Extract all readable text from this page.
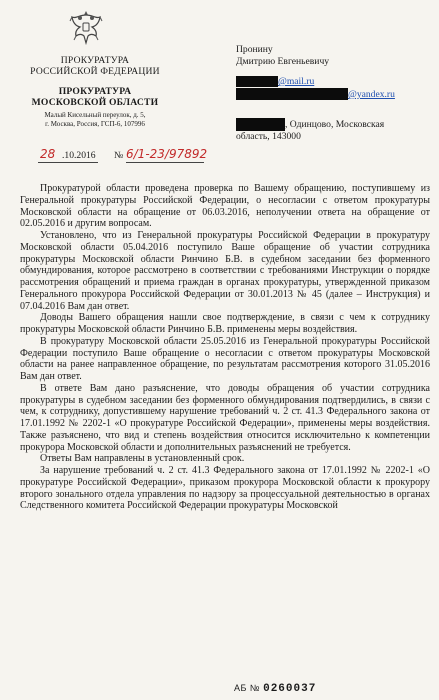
ПРОКУРАТУРА
РОССИЙСКОЙ ФЕДЕРАЦИИ
ПРОКУРАТУРА
МОСКОВСКОЙ ОБЛАСТИ
Малый Кисельный переулок, д. 5,
г. Москва, Россия, ГСП-6, 107996
Пронину
Дмитрию Евгеньевичу
@mail.ru
@yandex.ru
, Одинцово, Московская
область, 143000
28 .10.2016 № 6/1-23/97892

Прокуратурой области проведена проверка по Вашему обращению, поступившему из Генеральной прокуратуры Российской Федерации, о несогласии с ответом прокуратуры Московской области на обращение от 06.03.2016, неполучении ответа на обращение от 02.05.2016 и другим вопросам.

Установлено, что из Генеральной прокуратуры Российской Федерации в прокуратуру Московской области 05.04.2016 поступило Ваше обращение об участии сотрудника прокуратуры Московской области Ринчино Б.В. в судебном заседании без форменного обмундирования, которое рассмотрено в соответствии с требованиями Инструкции о порядке рассмотрения обращений и приема граждан в органах прокуратуры, утвержденной приказом Генерального прокурора Российской Федерации от 30.01.2013 № 45 (далее – Инструкция) и 07.04.2016 Вам дан ответ.

Доводы Вашего обращения нашли свое подтверждение, в связи с чем к сотруднику прокуратуры Московской области Ринчино Б.В. применены меры воздействия.

В прокуратуру Московской области 25.05.2016 из Генеральной прокуратуры Российской Федерации поступило Ваше обращение о несогласии с ответом прокуратуры Московской области на ранее направленное обращение, по результатам рассмотрения которого 31.05.2016 Вам дан ответ.

В ответе Вам дано разъяснение, что доводы обращения об участии сотрудника прокуратуры в судебном заседании без форменного обмундирования подтвердились, в связи с чем, к сотруднику, допустившему нарушение требований ч. 2 ст. 41.3 Федерального закона от 17.01.1992 № 2202-1 «О прокуратуре Российской Федерации», применены меры воздействия. Также разъяснено, что вид и степень воздействия относится исключительно к компетенции прокурора Московской области и дополнительных разъяснений не требуется.

Ответы Вам направлены в установленный срок.

За нарушение требований ч. 2 ст. 41.3 Федерального закона от 17.01.1992 № 2202-1 «О прокуратуре Российской Федерации», приказом прокурора Московской области к прокурору второго зонального отдела управления по надзору за процессуальной деятельностью в органах Следственного комитета Российской Федерации прокуратуры Московской

АБ № 0260037
